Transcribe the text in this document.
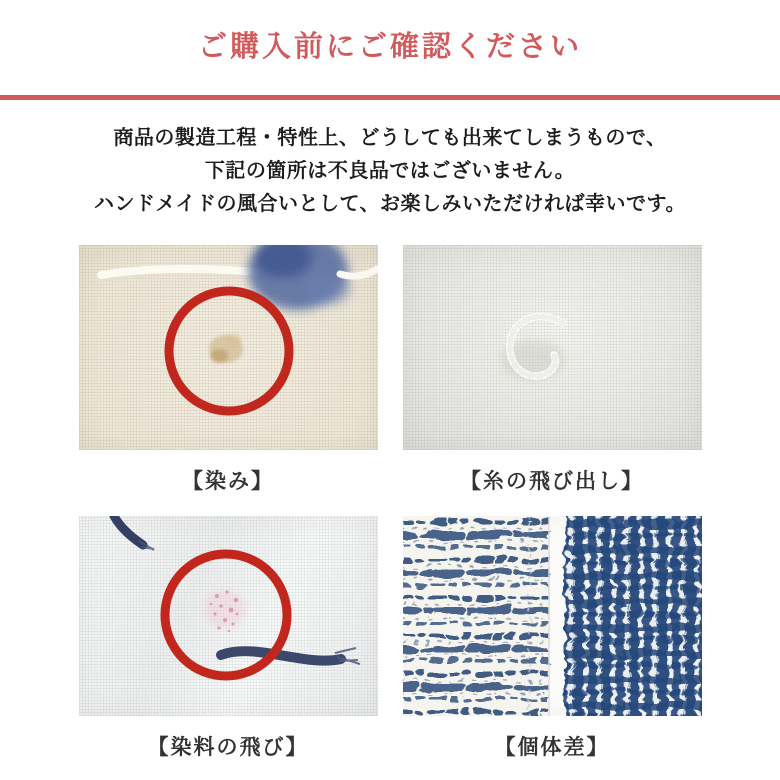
ご購入前にご確認ください

商品の製造工程・特性上、どうしても出来てしまうもので、

下記の箇所は不良品ではございません。

ハンドメイドの風合いとして、お楽しみいただければ幸いです。

【染み】	【糸の飛び出し】
【染料の飛び】	【個体差】
